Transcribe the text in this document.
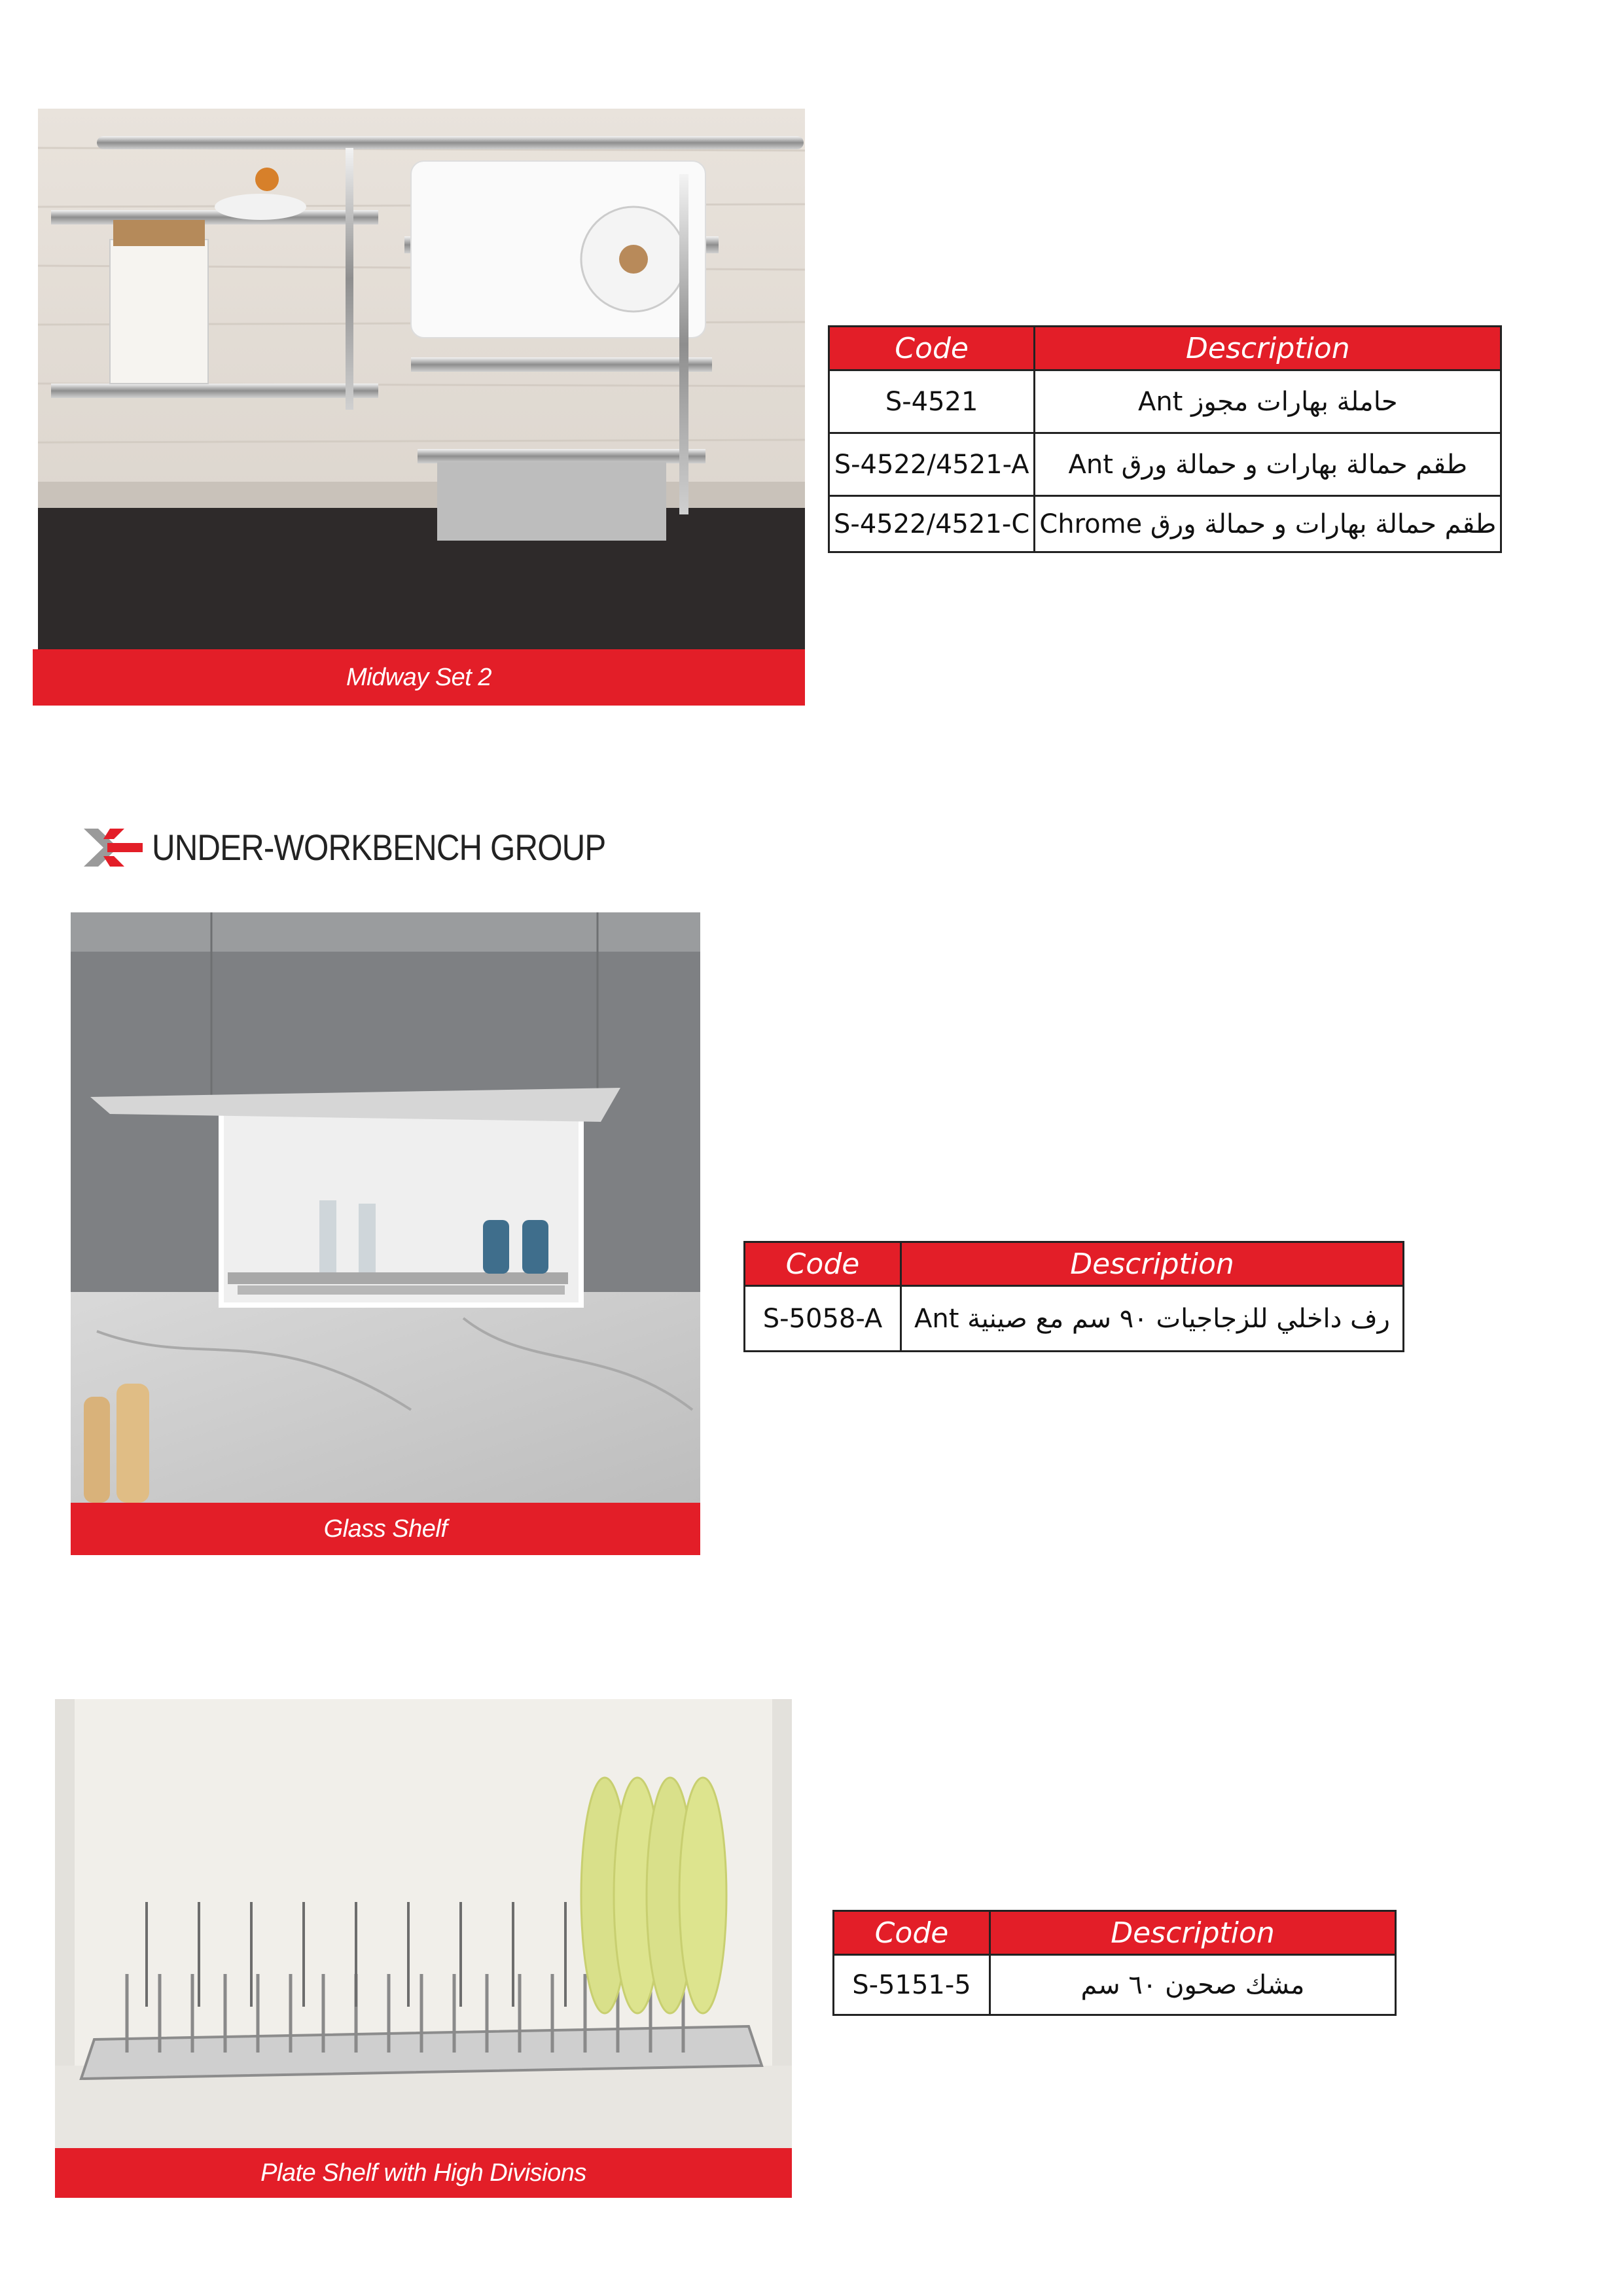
Midway Set 2
Code	Description
S-4521	حاملة بهارات مجوز Ant
S-4522/4521-A	طقم حمالة بهارات و حمالة ورق Ant
S-4522/4521-C	طقم حمالة بهارات و حمالة ورق Chrome
UNDER-WORKBENCH GROUP
Glass Shelf
Code	Description
S-5058-A	رف داخلي للزجاجيات ٩٠ سم مع صينية Ant
Plate Shelf with High Divisions
Code	Description
S-5151-5	مشك صحون ٦٠ سم
